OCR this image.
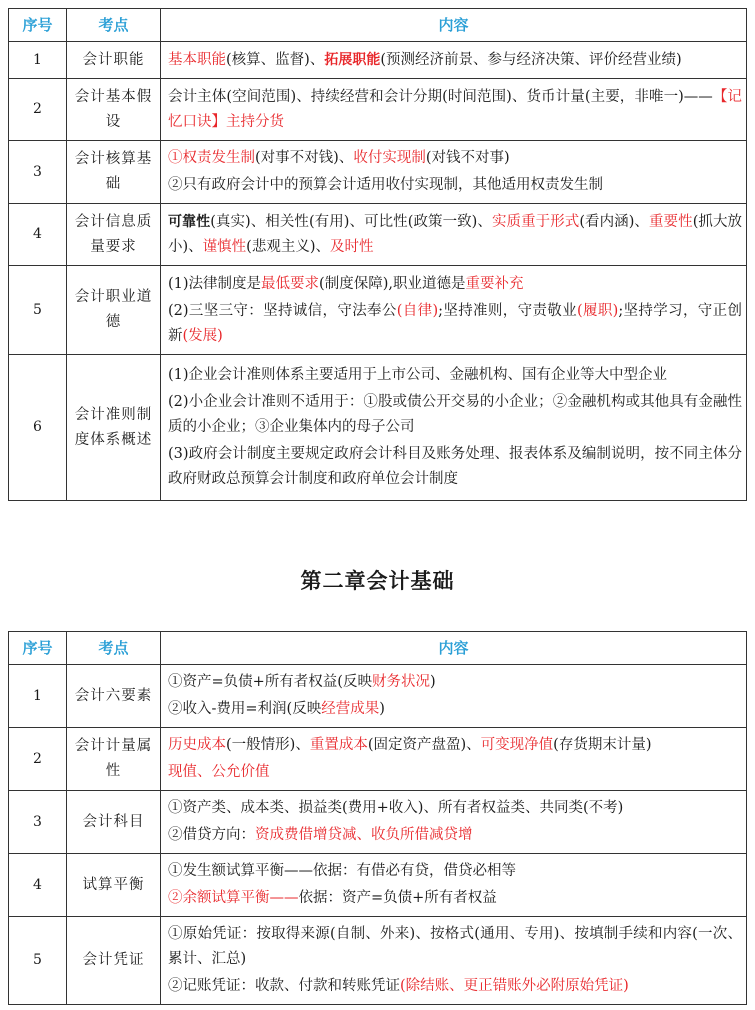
序号	考点	内容
1	会计职能	基本职能(核算、监督)、拓展职能(预测经济前景、参与经济决策、评价经营业绩)

2	会计基本假设	会计主体(空间范围)、持续经营和会计分期(时间范围)、货币计量(主要，非唯一)——【记忆口诀】主持分货

3	会计核算基础	①权责发生制(对事不对钱)、收付实现制(对钱不对事)

②只有政府会计中的预算会计适用收付实现制，其他适用权责发生制

4	会计信息质量要求	可靠性(真实)、相关性(有用)、可比性(政策一致)、实质重于形式(看内涵)、重要性(抓大放小)、谨慎性(悲观主义)、及时性

5	会计职业道德	(1)法律制度是最低要求(制度保障),职业道德是重要补充

(2)三坚三守：坚持诚信，守法奉公(自律);坚持准则，守责敬业(履职);坚持学习，守正创新(发展)

6	会计准则制度体系概述	(1)企业会计准则体系主要适用于上市公司、金融机构、国有企业等大中型企业

(2)小企业会计准则不适用于：①股或债公开交易的小企业；②金融机构或其他具有金融性质的小企业；③企业集体内的母子公司

(3)政府会计制度主要规定政府会计科目及账务处理、报表体系及编制说明，按不同主体分政府财政总预算会计制度和政府单位会计制度

第二章会计基础
序号	考点	内容
1	会计六要素	①资产=负债+所有者权益(反映财务状况)

②收入-费用=利润(反映经营成果)

2	会计计量属性	历史成本(一般情形)、重置成本(固定资产盘盈)、可变现净值(存货期末计量)

现值、公允价值

3	会计科目	①资产类、成本类、损益类(费用+收入)、所有者权益类、共同类(不考)

②借贷方向：资成费借增贷减、收负所借减贷增

4	试算平衡	①发生额试算平衡——依据：有借必有贷，借贷必相等

②余额试算平衡——依据：资产=负债+所有者权益

5	会计凭证	①原始凭证：按取得来源(自制、外来)、按格式(通用、专用)、按填制手续和内容(一次、累计、汇总)

②记账凭证：收款、付款和转账凭证(除结账、更正错账外必附原始凭证)
